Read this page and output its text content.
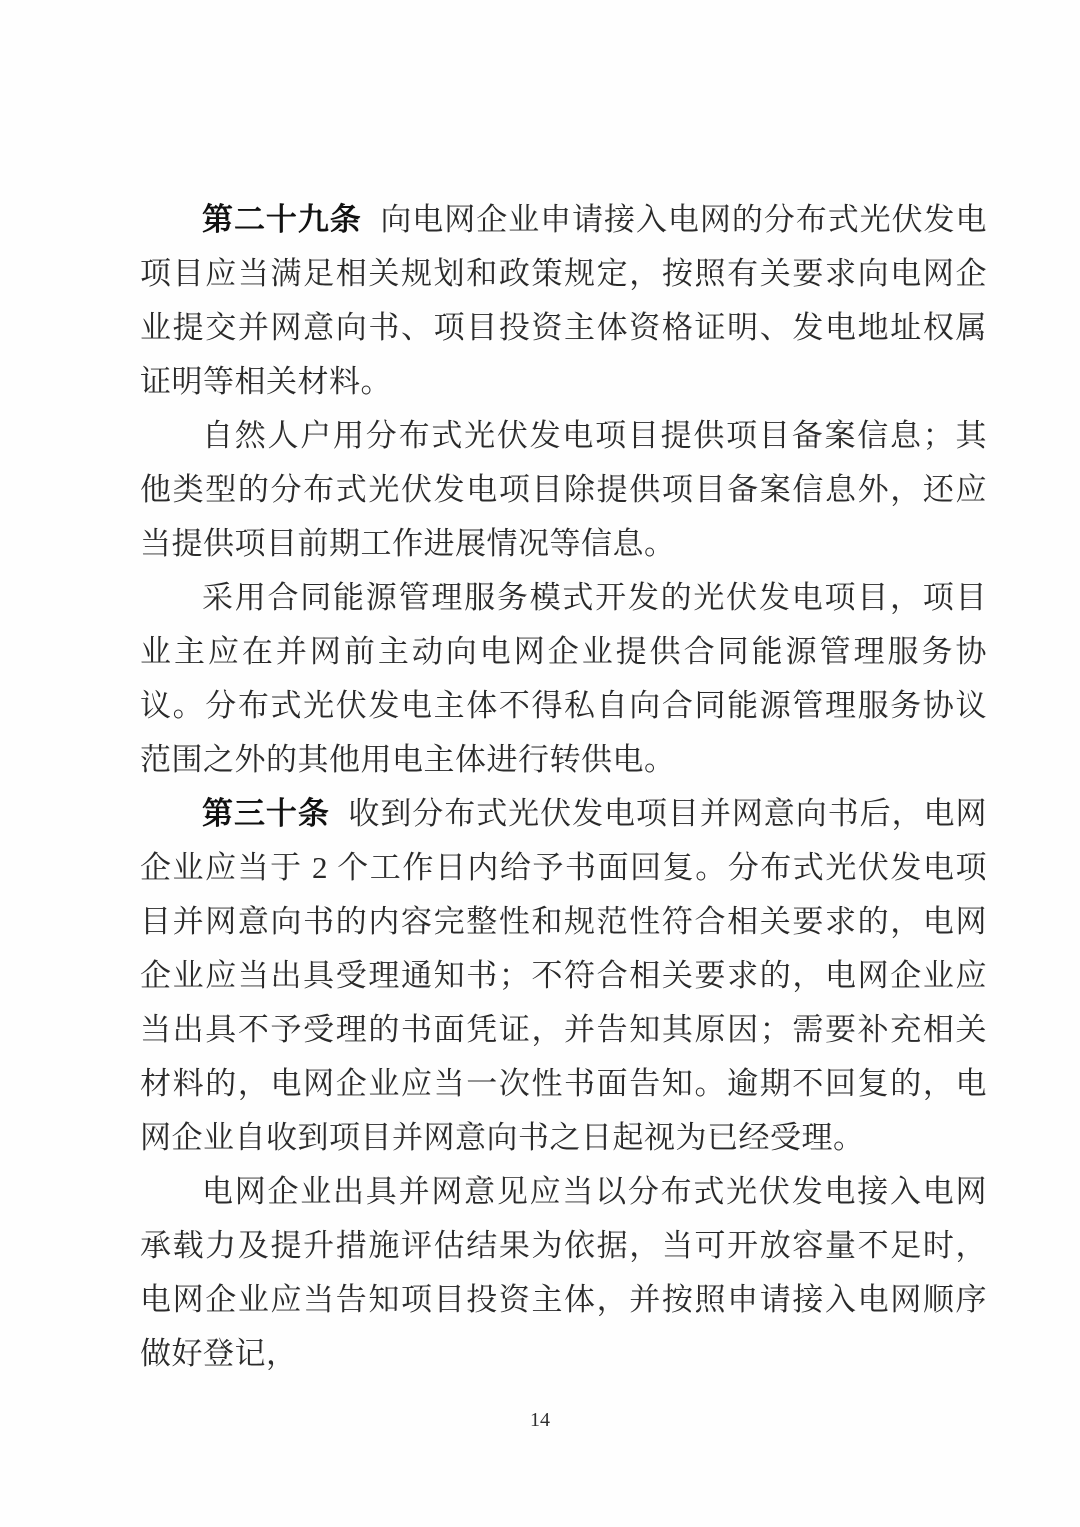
第二十九条 向电网企业申请接入电网的分布式光伏发电项目应当满足相关规划和政策规定，按照有关要求向电网企业提交并网意向书、项目投资主体资格证明、发电地址权属证明等相关材料。

自然人户用分布式光伏发电项目提供项目备案信息；其他类型的分布式光伏发电项目除提供项目备案信息外，还应当提供项目前期工作进展情况等信息。

采用合同能源管理服务模式开发的光伏发电项目，项目业主应在并网前主动向电网企业提供合同能源管理服务协议。分布式光伏发电主体不得私自向合同能源管理服务协议范围之外的其他用电主体进行转供电。

第三十条 收到分布式光伏发电项目并网意向书后，电网企业应当于 2 个工作日内给予书面回复。分布式光伏发电项目并网意向书的内容完整性和规范性符合相关要求的，电网企业应当出具受理通知书；不符合相关要求的，电网企业应当出具不予受理的书面凭证，并告知其原因；需要补充相关材料的，电网企业应当一次性书面告知。逾期不回复的，电网企业自收到项目并网意向书之日起视为已经受理。

电网企业出具并网意见应当以分布式光伏发电接入电网承载力及提升措施评估结果为依据，当可开放容量不足时，电网企业应当告知项目投资主体，并按照申请接入电网顺序做好登记，

14
